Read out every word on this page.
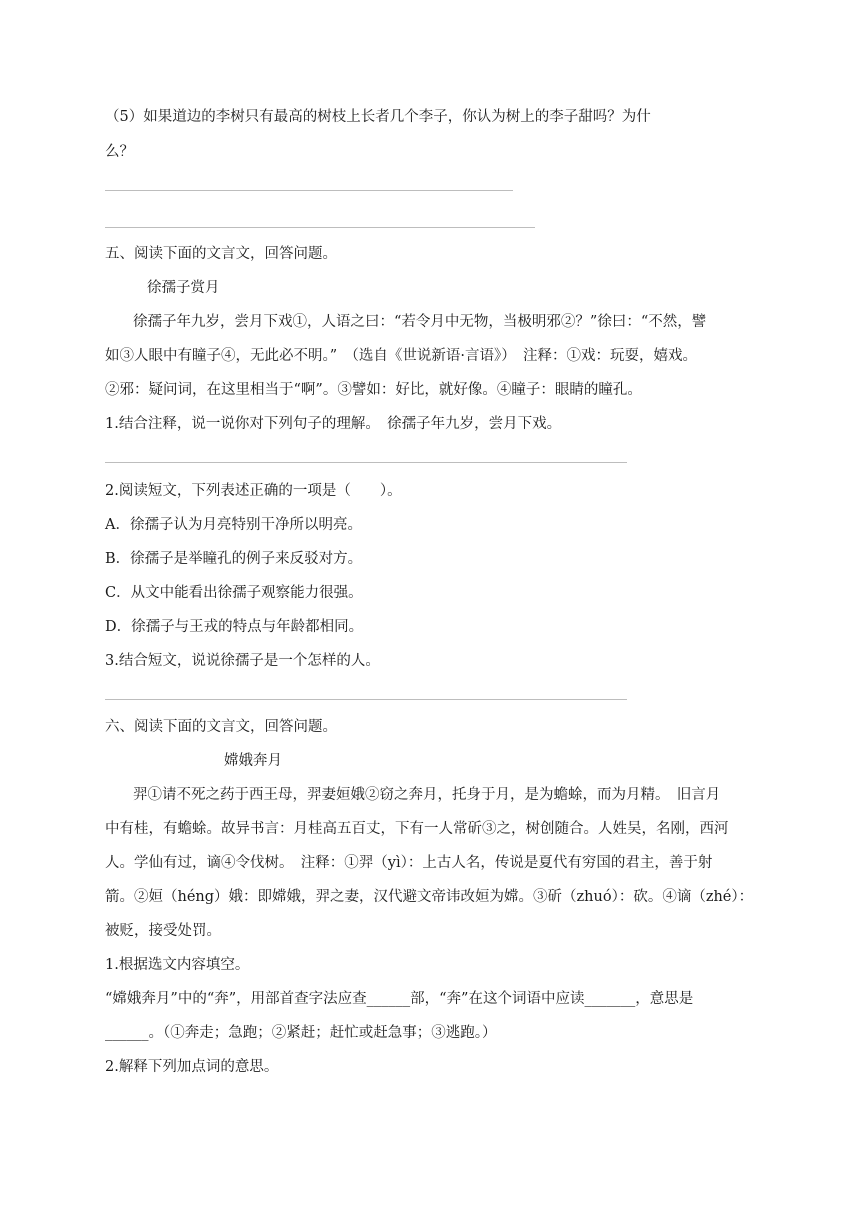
（5）如果道边的李树只有最高的树枝上长者几个李子，你认为树上的李子甜吗？为什
么？
五、阅读下面的文言文，回答问题。
徐孺子赏月
徐孺子年九岁，尝月下戏①，人语之曰：“若令月中无物，当极明邪②？”徐曰：“不然，譬
如③人眼中有瞳子④，无此必不明。”　（选自《世说新语·言语》）　注释：①戏：玩耍，嬉戏。
②邪：疑问词，在这里相当于“啊”。③譬如：好比，就好像。④瞳子：眼睛的瞳孔。
1.结合注释，说一说你对下列句子的理解。　徐孺子年九岁，尝月下戏。
2.阅读短文，下列表述正确的一项是（　　）。
A．徐孺子认为月亮特别干净所以明亮。
B．徐孺子是举瞳孔的例子来反驳对方。
C．从文中能看出徐孺子观察能力很强。
D．徐孺子与王戎的特点与年龄都相同。
3.结合短文，说说徐孺子是一个怎样的人。
六、阅读下面的文言文，回答问题。
嫦娥奔月
羿①请不死之药于西王母，羿妻姮娥②窃之奔月，托身于月，是为蟾蜍，而为月精。　旧言月
中有桂，有蟾蜍。故异书言：月桂高五百丈，下有一人常斫③之，树创随合。人姓吴，名刚，西河
人。学仙有过，谪④令伐树。　注释：①羿（yì）：上古人名，传说是夏代有穷国的君主，善于射
箭。②姮（héng）娥：即嫦娥，羿之妻，汉代避文帝讳改姮为嫦。③斫（zhuó）：砍。④谪（zhé）：
被贬，接受处罚。
1.根据选文内容填空。
“嫦娥奔月”中的“奔”，用部首查字法应查______部，“奔”在这个词语中应读_______，意思是
______。（①奔走；急跑；②紧赶；赶忙或赶急事；③逃跑。）
2.解释下列加点词的意思。
